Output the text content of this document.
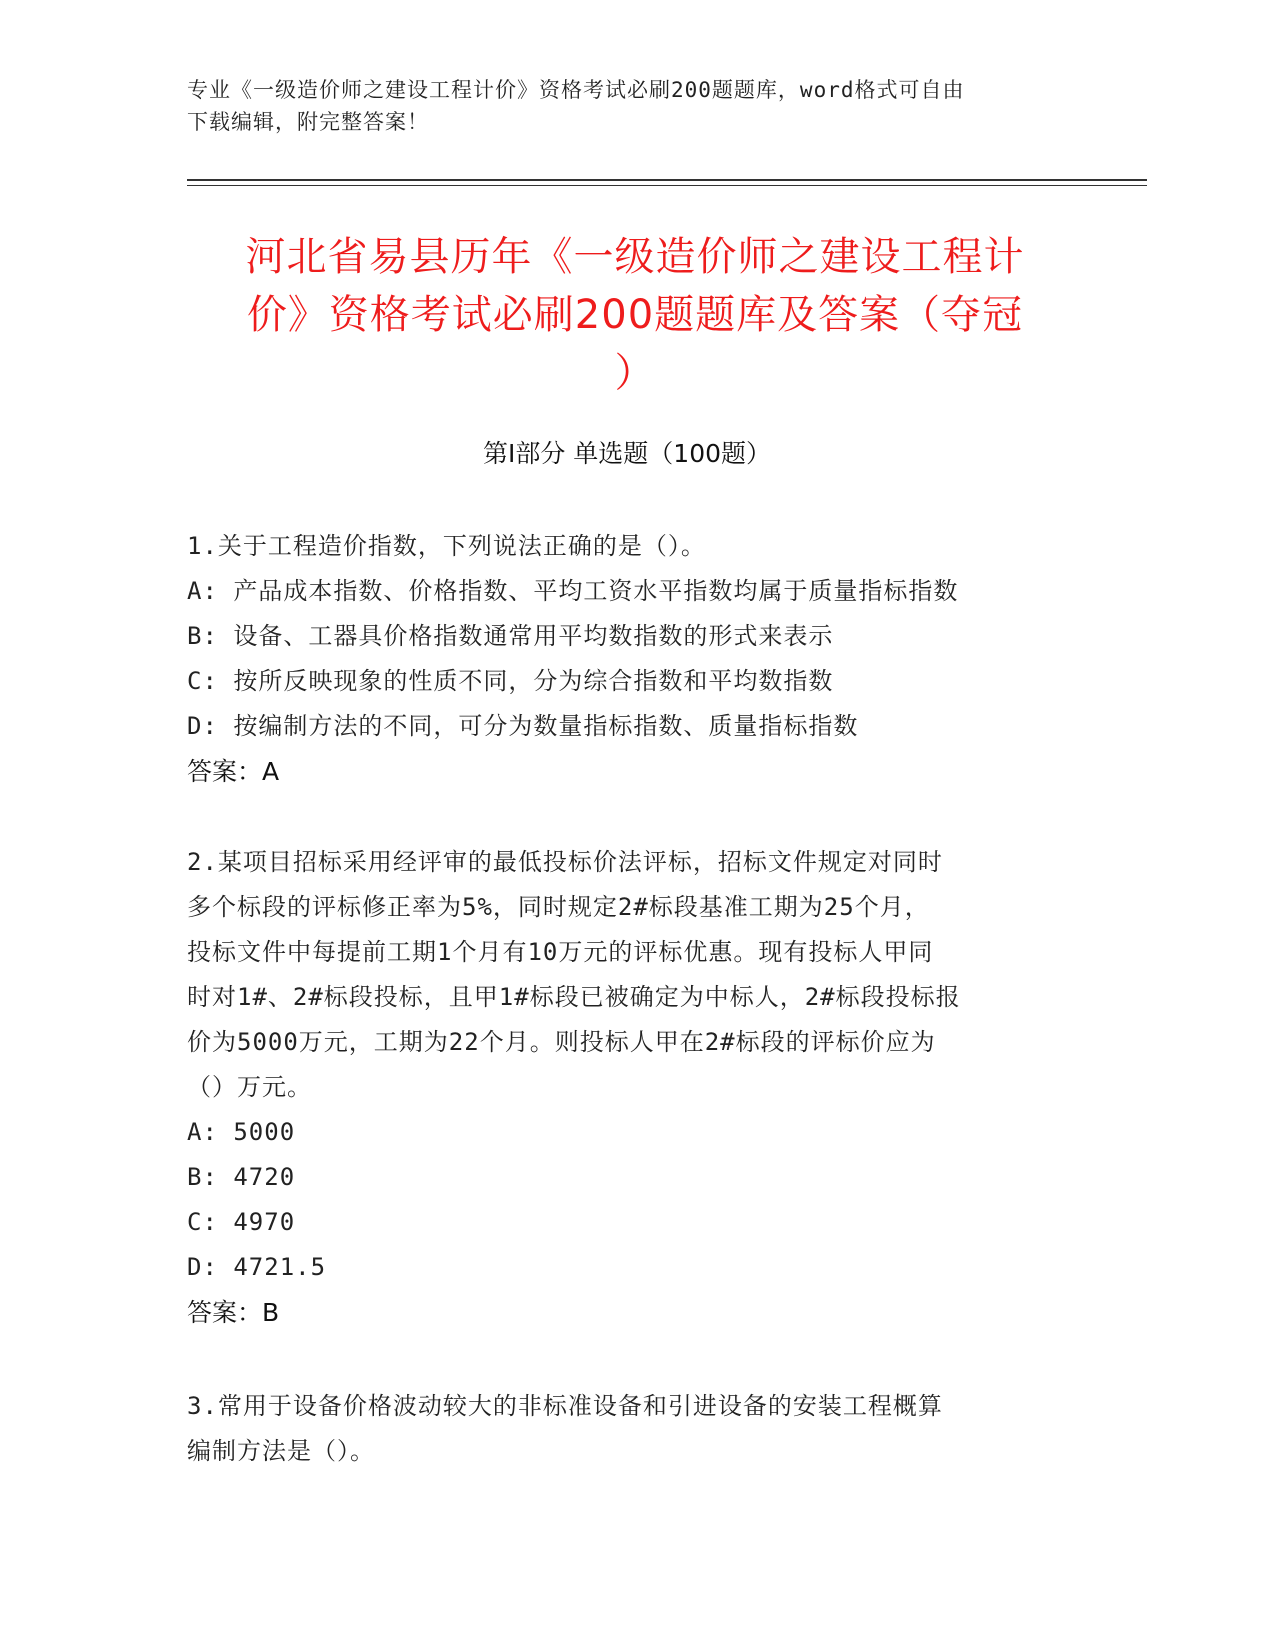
专业《一级造价师之建设工程计价》资格考试必刷200题题库，word格式可自由
下载编辑，附完整答案！
河北省易县历年《一级造价师之建设工程计
价》资格考试必刷200题题库及答案（夺冠
）
第Ⅰ部分 单选题（100题）
1.关于工程造价指数，下列说法正确的是（）。
A: 产品成本指数、价格指数、平均工资水平指数均属于质量指标指数
B: 设备、工器具价格指数通常用平均数指数的形式来表示
C: 按所反映现象的性质不同，分为综合指数和平均数指数
D: 按编制方法的不同，可分为数量指标指数、质量指标指数
答案：A
2.某项目招标采用经评审的最低投标价法评标，招标文件规定对同时
多个标段的评标修正率为5%，同时规定2#标段基准工期为25个月，
投标文件中每提前工期1个月有10万元的评标优惠。现有投标人甲同
时对1#、2#标段投标，且甲1#标段已被确定为中标人，2#标段投标报
价为5000万元，工期为22个月。则投标人甲在2#标段的评标价应为
（）万元。
A: 5000
B: 4720
C: 4970
D: 4721.5
答案：B
3.常用于设备价格波动较大的非标准设备和引进设备的安装工程概算
编制方法是（）。
